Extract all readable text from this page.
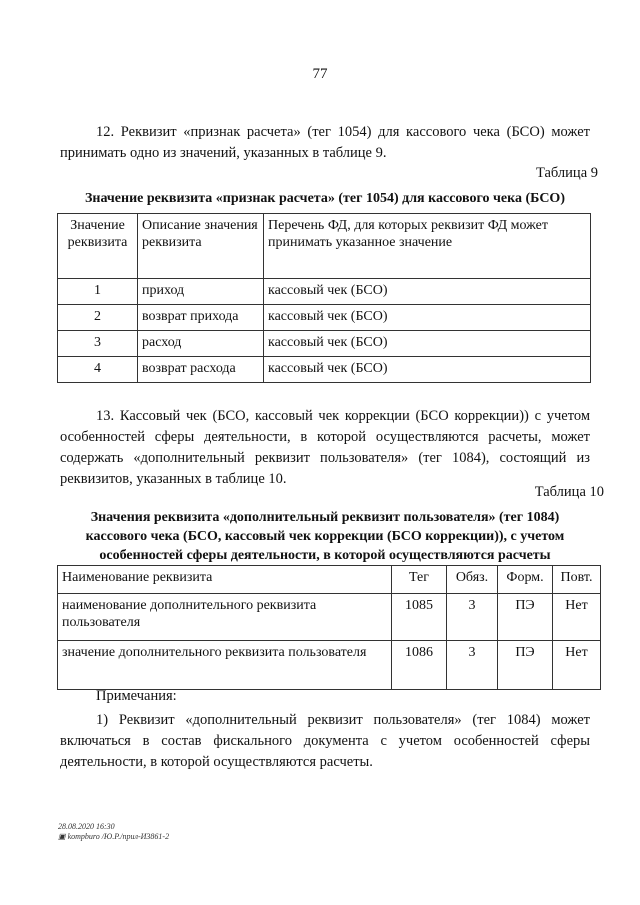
77
12. Реквизит «признак расчета» (тег 1054) для кассового чека (БСО) может принимать одно из значений, указанных в таблице 9.
Таблица 9
Значение реквизита «признак расчета» (тег 1054) для кассового чека (БСО)
Значение реквизита	Описание значения реквизита	Перечень ФД, для которых реквизит ФД может принимать указанное значение
1	приход	кассовый чек (БСО)
2	возврат прихода	кассовый чек (БСО)
3	расход	кассовый чек (БСО)
4	возврат расхода	кассовый чек (БСО)
13. Кассовый чек (БСО, кассовый чек коррекции (БСО коррекции)) с учетом особенностей сферы деятельности, в которой осуществляются расчеты, может содержать «дополнительный реквизит пользователя» (тег 1084), состоящий из реквизитов, указанных в таблице 10.
Таблица 10
Значения реквизита «дополнительный реквизит пользователя» (тег 1084) кассового чека (БСО, кассовый чек коррекции (БСО коррекции)), с учетом особенностей сферы деятельности, в которой осуществляются расчеты
Наименование реквизита	Тег	Обяз.	Форм.	Повт.
наименование дополнительного реквизита пользователя	1085	3	ПЭ	Нет
значение дополнительного реквизита пользователя	1086	3	ПЭ	Нет
Примечания:
1) Реквизит «дополнительный реквизит пользователя» (тег 1084) может включаться в состав фискального документа с учетом особенностей сферы деятельности, в которой осуществляются расчеты.
28.08.2020 16:30
▣ kompburo /Ю.Р./прил-И3861-2
